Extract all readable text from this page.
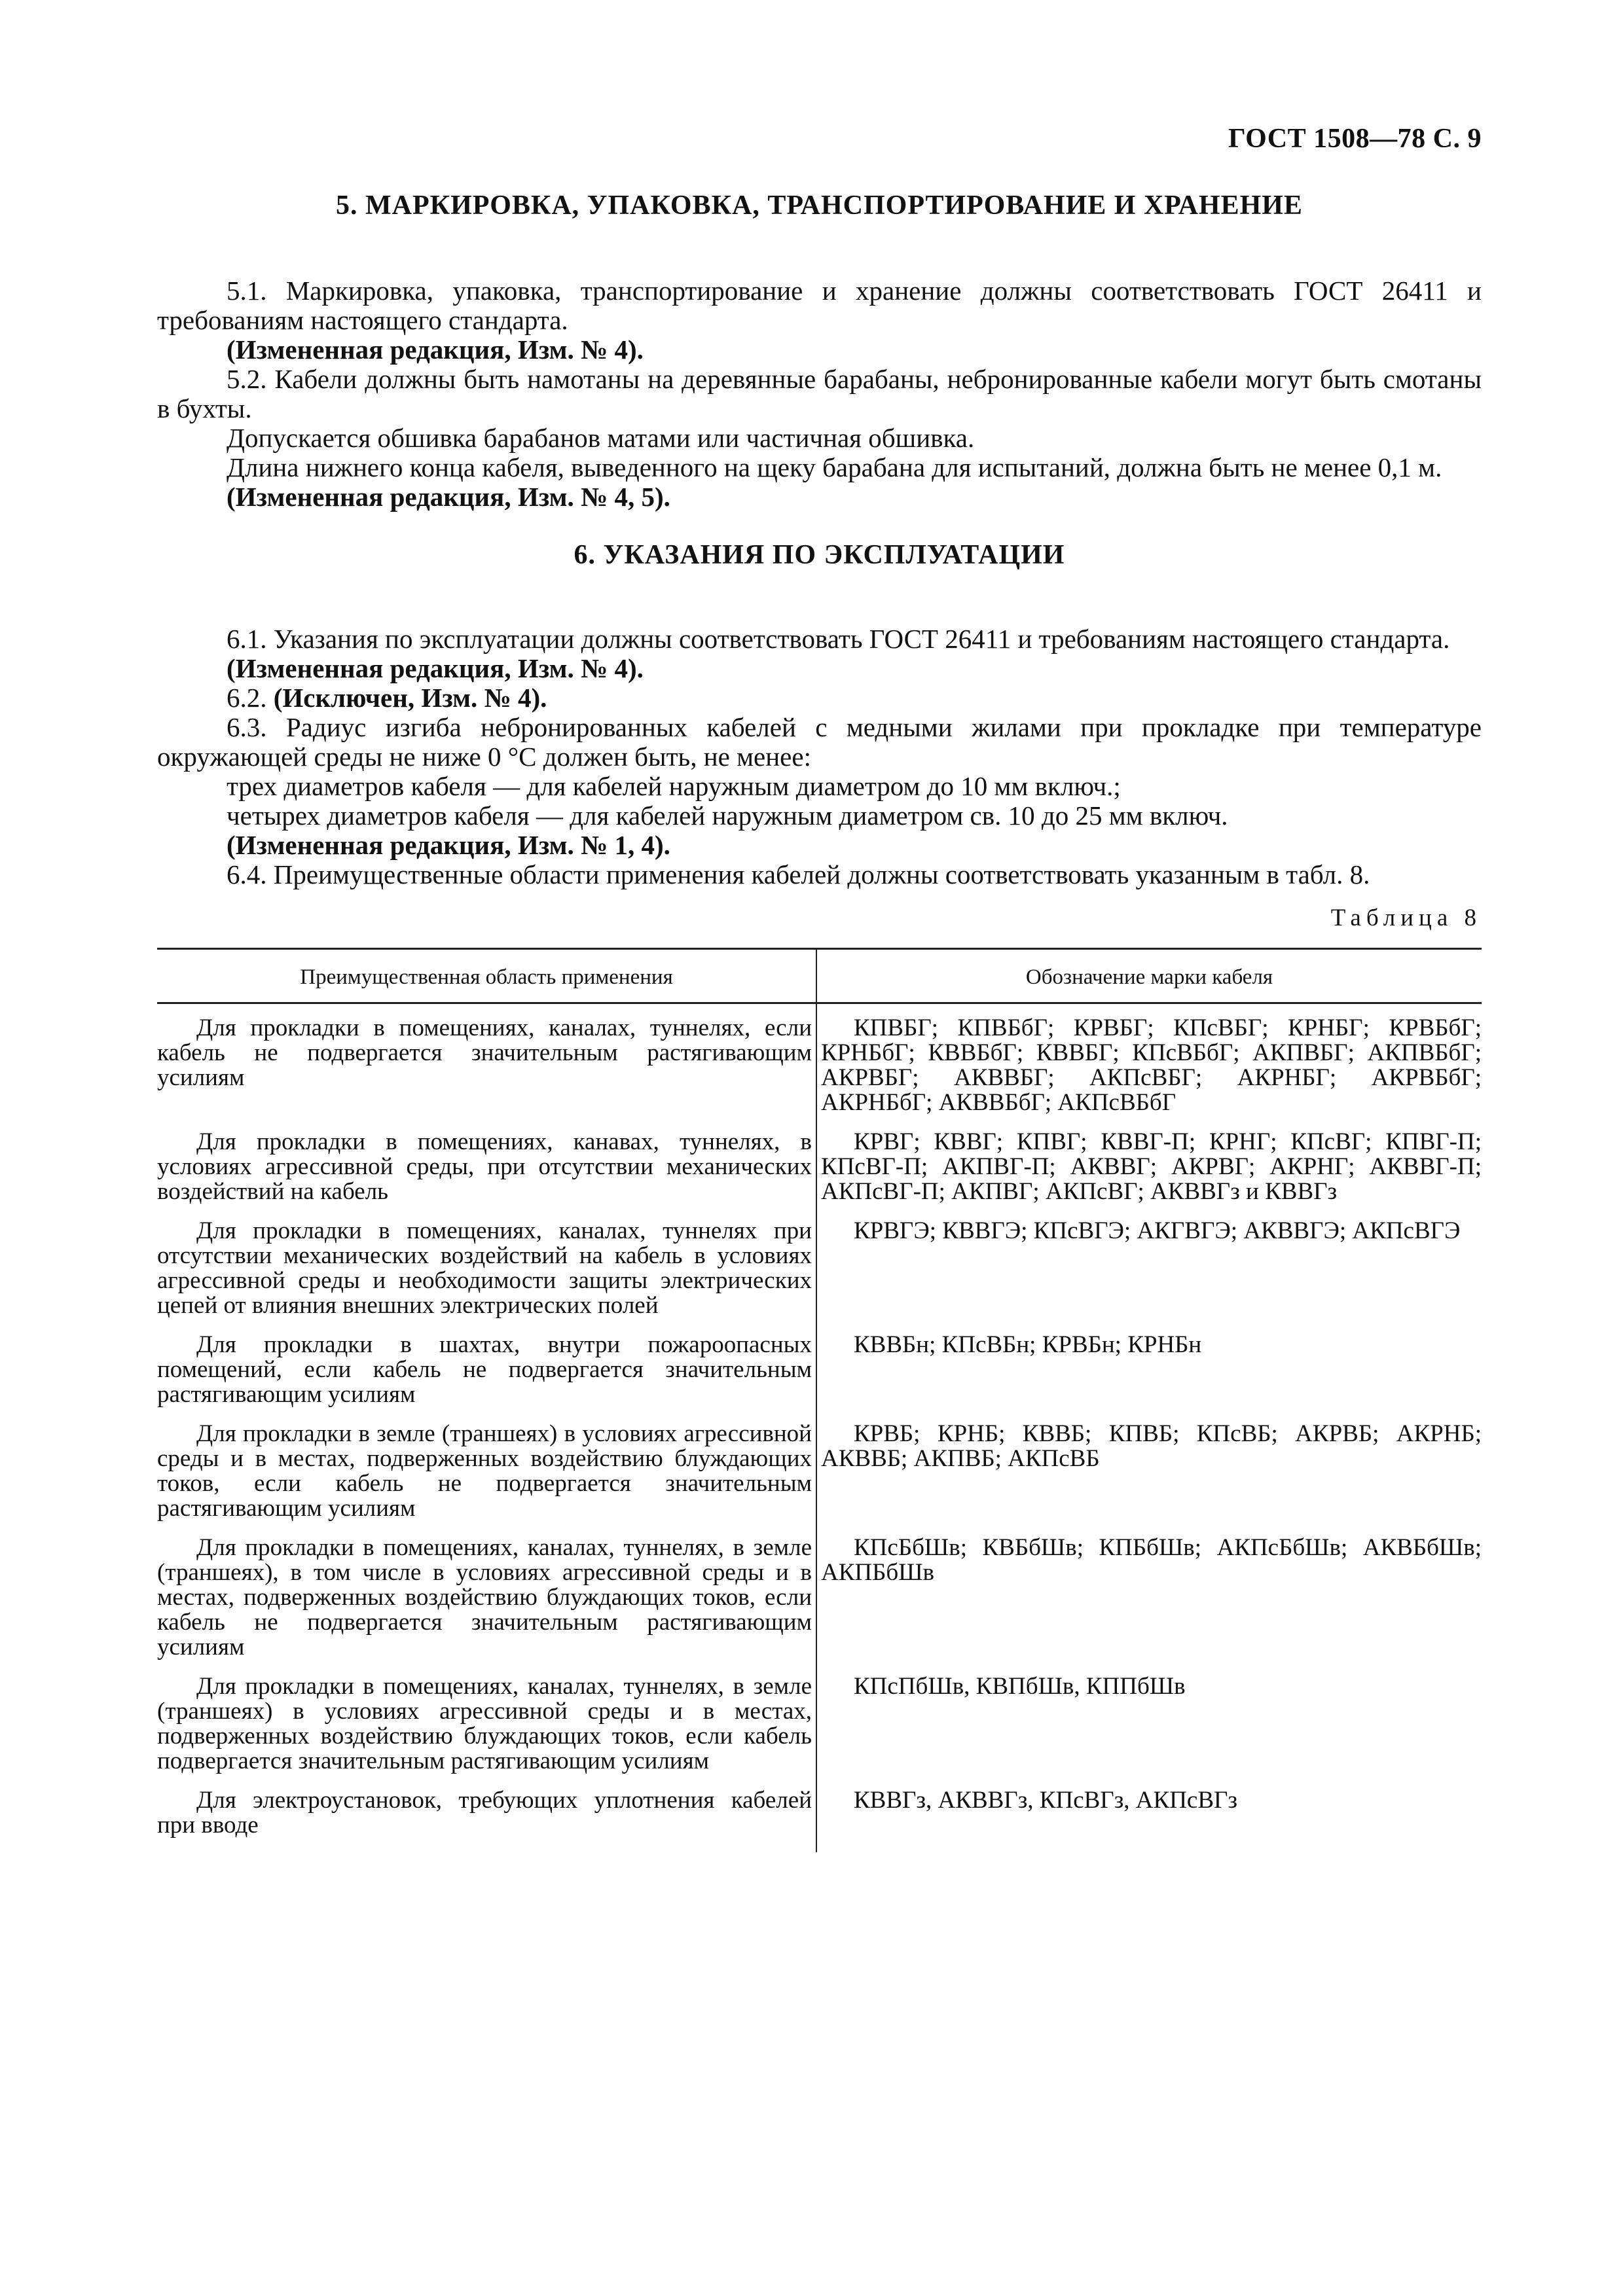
ГОСТ 1508—78 С. 9
5. МАРКИРОВКА, УПАКОВКА, ТРАНСПОРТИРОВАНИЕ И ХРАНЕНИЕ

5.1. Маркировка, упаковка, транспортирование и хранение должны соответствовать ГОСТ 26411 и требованиям настоящего стандарта.

(Измененная редакция, Изм. № 4).

5.2. Кабели должны быть намотаны на деревянные барабаны, небронированные кабели могут быть смотаны в бухты.

Допускается обшивка барабанов матами или частичная обшивка.

Длина нижнего конца кабеля, выведенного на щеку барабана для испытаний, должна быть не менее 0,1 м.

(Измененная редакция, Изм. № 4, 5).

6. УКАЗАНИЯ ПО ЭКСПЛУАТАЦИИ

6.1. Указания по эксплуатации должны соответствовать ГОСТ 26411 и требованиям настоящего стандарта.

(Измененная редакция, Изм. № 4).

6.2. (Исключен, Изм. № 4).

6.3. Радиус изгиба небронированных кабелей с медными жилами при прокладке при температуре окружающей среды не ниже 0 °С должен быть, не менее:

трех диаметров кабеля — для кабелей наружным диаметром до 10 мм включ.;

четырех диаметров кабеля — для кабелей наружным диаметром св. 10 до 25 мм включ.

(Измененная редакция, Изм. № 1, 4).

6.4. Преимущественные области применения кабелей должны соответствовать указанным в табл. 8.

Таблица 8
Преимущественная область применения	Обозначение марки кабеля
Для прокладки в помещениях, каналах, туннелях, если кабель не подвергается значительным растягивающим усилиям	КПВБГ; КПВБбГ; КРВБГ; КПсВБГ; КРНБГ; КРВБбГ; КРНБбГ; КВВБбГ; КВВБГ; КПсВБбГ; АКПВБГ; АКПВБбГ; АКРВБГ; АКВВБГ; АКПсВБГ; АКРНБГ; АКРВБбГ; АКРНБбГ; АКВВБбГ; АКПсВБбГ
Для прокладки в помещениях, канавах, туннелях, в условиях агрессивной среды, при отсутствии механических воздействий на кабель	КРВГ; КВВГ; КПВГ; КВВГ-П; КРНГ; КПсВГ; КПВГ-П; КПсВГ-П; АКПВГ-П; АКВВГ; АКРВГ; АКРНГ; АКВВГ-П; АКПсВГ-П; АКПВГ; АКПсВГ; АКВВГз и КВВГз
Для прокладки в помещениях, каналах, туннелях при отсутствии механических воздействий на кабель в условиях агрессивной среды и необходимости защиты электрических цепей от влияния внешних электрических полей	КРВГЭ; КВВГЭ; КПсВГЭ; АКГВГЭ; АКВВГЭ; АКПсВГЭ
Для прокладки в шахтах, внутри пожароопасных помещений, если кабель не подвергается значительным растягивающим усилиям	КВВБн; КПсВБн; КРВБн; КРНБн
Для прокладки в земле (траншеях) в условиях агрессивной среды и в местах, подверженных воздействию блуждающих токов, если кабель не подвергается значительным растягивающим усилиям	КРВБ; КРНБ; КВВБ; КПВБ; КПсВБ; АКРВБ; АКРНБ; АКВВБ; АКПВБ; АКПсВБ
Для прокладки в помещениях, каналах, туннелях, в земле (траншеях), в том числе в условиях агрессивной среды и в местах, подверженных воздействию блуждающих токов, если кабель не подвергается значительным растягивающим усилиям	КПсБбШв; КВБбШв; КПБбШв; АКПсБбШв; АКВБбШв; АКПБбШв
Для прокладки в помещениях, каналах, туннелях, в земле (траншеях) в условиях агрессивной среды и в местах, подверженных воздействию блуждающих токов, если кабель подвергается значительным растягивающим усилиям	КПсПбШв, КВПбШв, КППбШв
Для электроустановок, требующих уплотнения кабелей при вводе	КВВГз, АКВВГз, КПсВГз, АКПсВГз
